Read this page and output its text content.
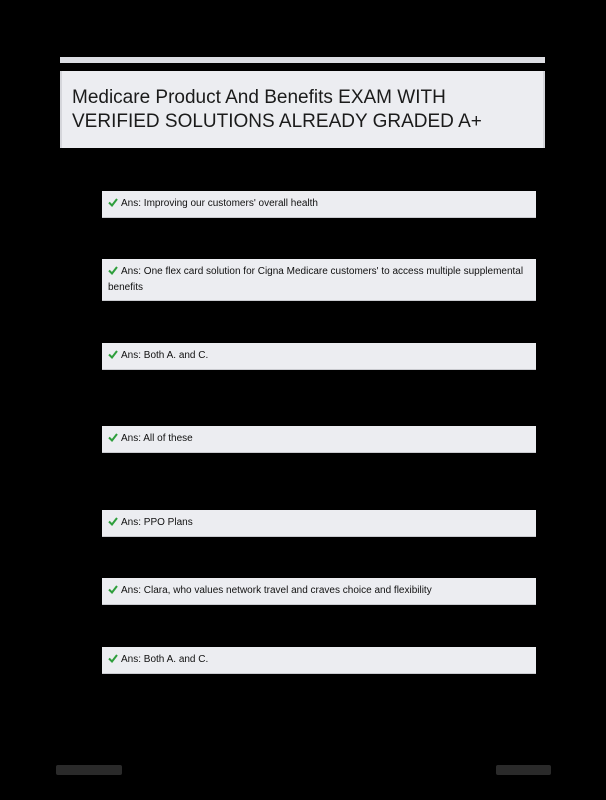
Medicare Product And Benefits EXAM WITH

VERIFIED SOLUTIONS ALREADY GRADED A+

Ans: Improving our customers' overall health
Ans: One flex card solution for Cigna Medicare customers' to access multiple supplemental benefits
Ans: Both A. and C.
Ans: All of these
Ans: PPO Plans
Ans: Clara, who values network travel and craves choice and flexibility
Ans: Both A. and C.
